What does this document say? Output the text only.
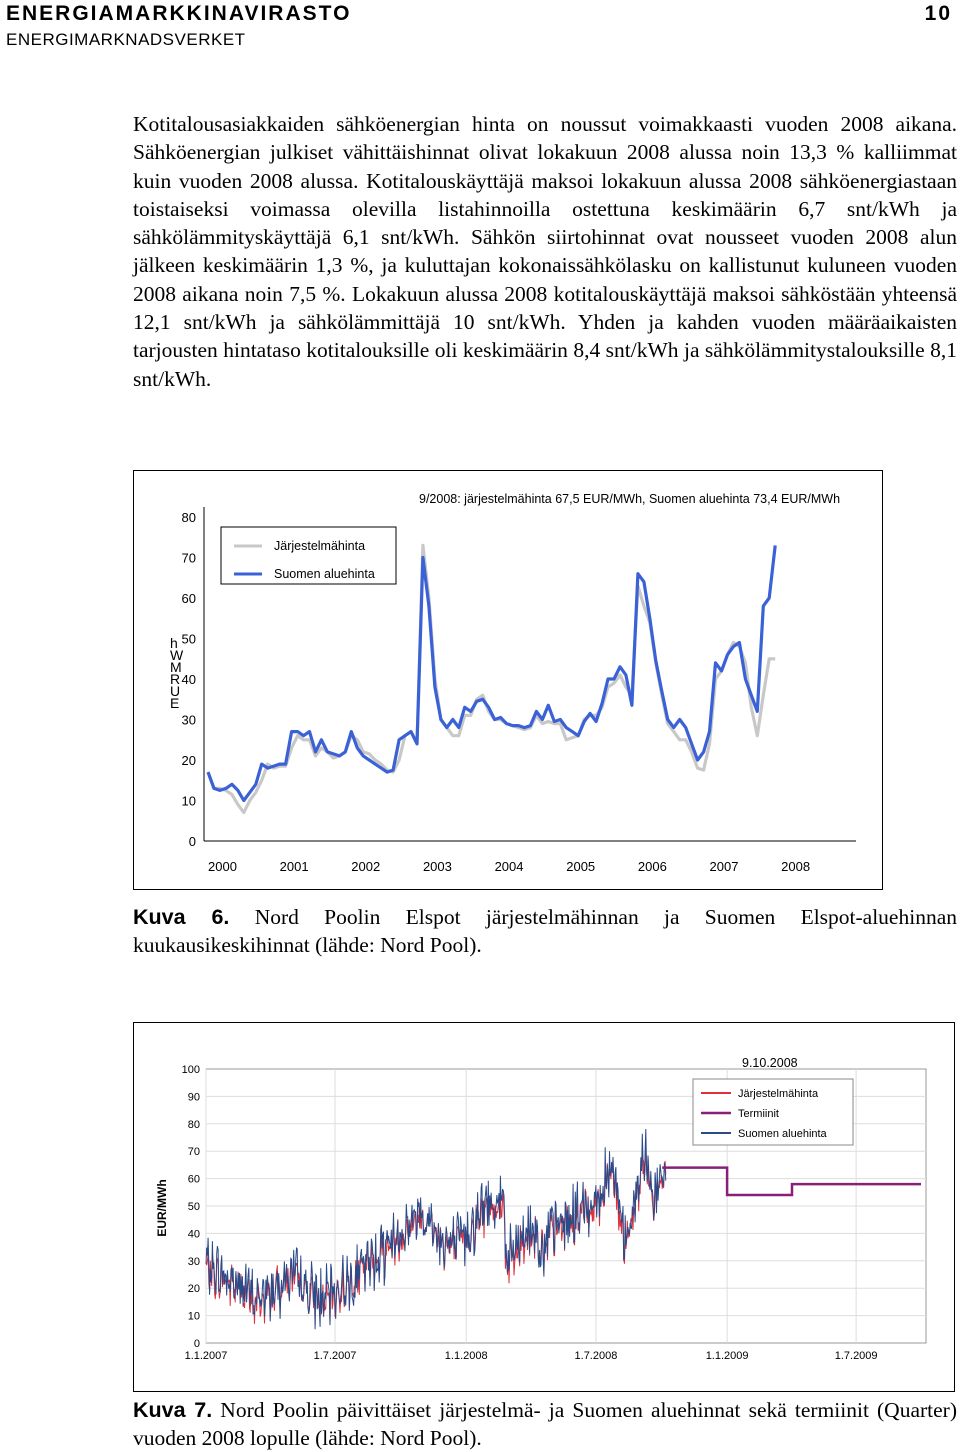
ENERGIAMARKKINAVIRASTO	10
ENERGIMARKNADSVERKET

Kotitalousasiakkaiden sähköenergian hinta on noussut voimakkaasti vuoden 2008 aikana. Sähköenergian julkiset vähittäishinnat olivat lokakuun 2008 alussa noin 13,3 % kalliimmat kuin vuoden 2008 alussa. Kotitalouskäyttäjä maksoi lokakuun alussa 2008 sähköenergiastaan toistaiseksi voimassa olevilla listahinnoilla ostettuna keskimäärin 6,7 snt/kWh ja sähkölämmityskäyttäjä 6,1 snt/kWh. Sähkön siirtohinnat ovat nousseet vuoden 2008 alun jälkeen keskimäärin 1,3 %, ja kuluttajan kokonaissähkölasku on kallistunut kuluneen vuoden 2008 aikana noin 7,5 %. Lokakuun alussa 2008 kotitalouskäyttäjä maksoi sähköstään yhteensä 12,1 snt/kWh ja sähkölämmittäjä 10 snt/kWh. Yhden ja kahden vuoden määräaikaisten tarjousten hintataso kotitalouksille oli keskimäärin 8,4 snt/kWh ja sähkölämmitystalouksille 8,1 snt/kWh.

80
70
60
50
40
30
20
10
0
2000	2001	2002	2003	2004	2005	2006	2007	2008
h
W
M
R
U
E
9/2008: järjestelmähinta 67,5 EUR/MWh, Suomen aluehinta 73,4 EUR/MWh
Järjestelmähinta
Suomen aluehinta

Kuva 6. Nord Poolin Elspot järjestelmähinnan ja Suomen Elspot-aluehinnan kuukausikeskihinnat (lähde: Nord Pool).

100
90
80
70
60
50
40
30
20
10
0
1.1.2007	1.7.2007	1.1.2008	1.7.2008	1.1.2009	1.7.2009
9.10.2008
EUR/MWh
Järjestelmähinta
Termiinit
Suomen aluehinta

Kuva 7. Nord Poolin päivittäiset järjestelmä- ja Suomen aluehinnat sekä termiinit (Quarter) vuoden 2008 lopulle (lähde: Nord Pool).
